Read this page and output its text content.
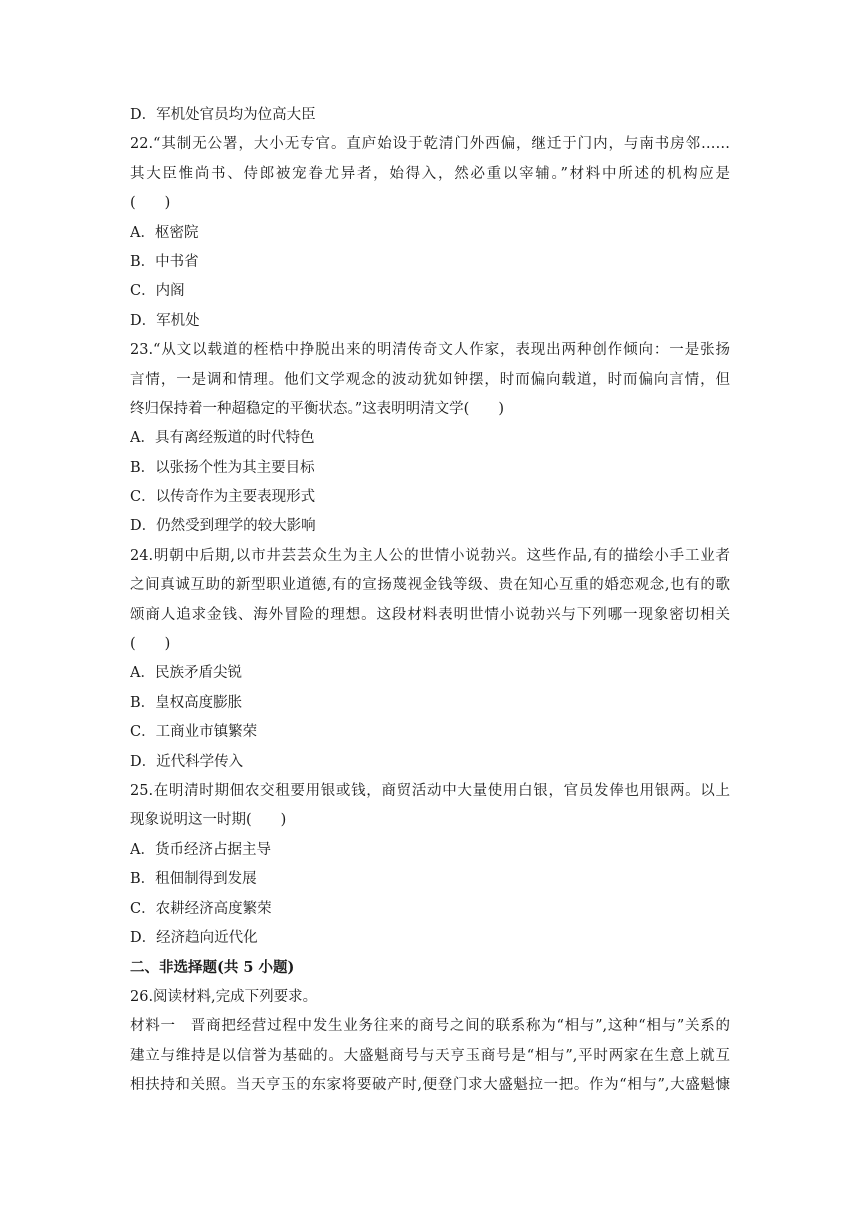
D．军机处官员均为位高大臣
22.“其制无公署，大小无专官。直庐始设于乾清门外西偏，继迁于门内，与南书房邻……
其大臣惟尚书、侍郎被宠眷尤异者，始得入，然必重以宰辅。”材料中所述的机构应是
(　　)
A．枢密院
B．中书省
C．内阁
D．军机处
23.“从文以载道的桎梏中挣脱出来的明清传奇文人作家，表现出两种创作倾向：一是张扬
言情，一是调和情理。他们文学观念的波动犹如钟摆，时而偏向载道，时而偏向言情，但
终归保持着一种超稳定的平衡状态。”这表明明清文学(　　)
A．具有离经叛道的时代特色
B．以张扬个性为其主要目标
C．以传奇作为主要表现形式
D．仍然受到理学的较大影响
24.明朝中后期,以市井芸芸众生为主人公的世情小说勃兴。这些作品,有的描绘小手工业者
之间真诚互助的新型职业道德,有的宣扬蔑视金钱等级、贵在知心互重的婚恋观念,也有的歌
颂商人追求金钱、海外冒险的理想。这段材料表明世情小说勃兴与下列哪一现象密切相关
(　　)
A．民族矛盾尖锐
B．皇权高度膨胀
C．工商业市镇繁荣
D．近代科学传入
25.在明清时期佃农交租要用银或钱，商贸活动中大量使用白银，官员发俸也用银两。以上
现象说明这一时期(　　)
A．货币经济占据主导
B．租佃制得到发展
C．农耕经济高度繁荣
D．经济趋向近代化
二、非选择题(共 5 小题)
26.阅读材料,完成下列要求。
材料一　晋商把经营过程中发生业务往来的商号之间的联系称为“相与”,这种“相与”关系的
建立与维持是以信誉为基础的。大盛魁商号与天亨玉商号是“相与”,平时两家在生意上就互
相扶持和关照。当天亨玉的东家将要破产时,便登门求大盛魁拉一把。作为“相与”,大盛魁慷
